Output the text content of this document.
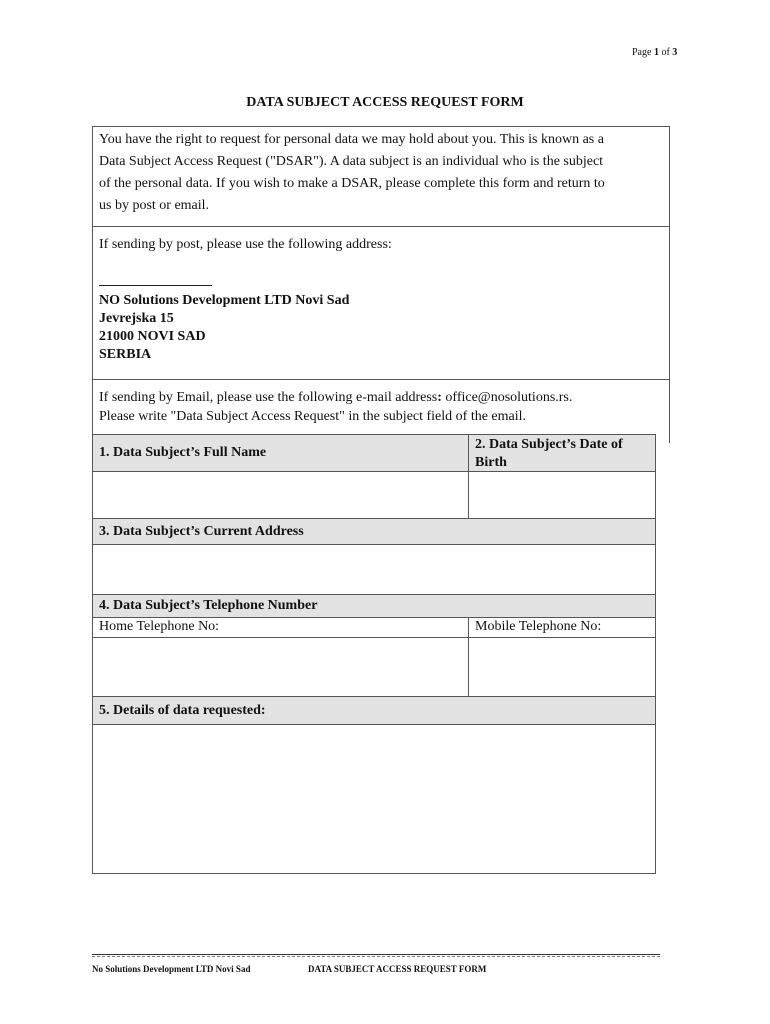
Page 1 of 3
DATA SUBJECT ACCESS REQUEST FORM
You have the right to request for personal data we may hold about you. This is known as a
Data Subject Access Request ("DSAR"). A data subject is an individual who is the subject
of the personal data. If you wish to make a DSAR, please complete this form and return to
us by post or email.
If sending by post, please use the following address:
NO Solutions Development LTD Novi Sad
Jevrejska 15
21000 NOVI SAD
SERBIA
If sending by Email, please use the following e-mail address: office@nosolutions.rs.
Please write "Data Subject Access Request" in the subject field of the email.
1. Data Subject’s Full Name
2. Data Subject’s Date of
Birth
3. Data Subject’s Current Address
4. Data Subject’s Telephone Number
Home Telephone No:	Mobile Telephone No:
5. Details of data requested:
No Solutions Development LTD Novi Sad	DATA SUBJECT ACCESS REQUEST FORM
